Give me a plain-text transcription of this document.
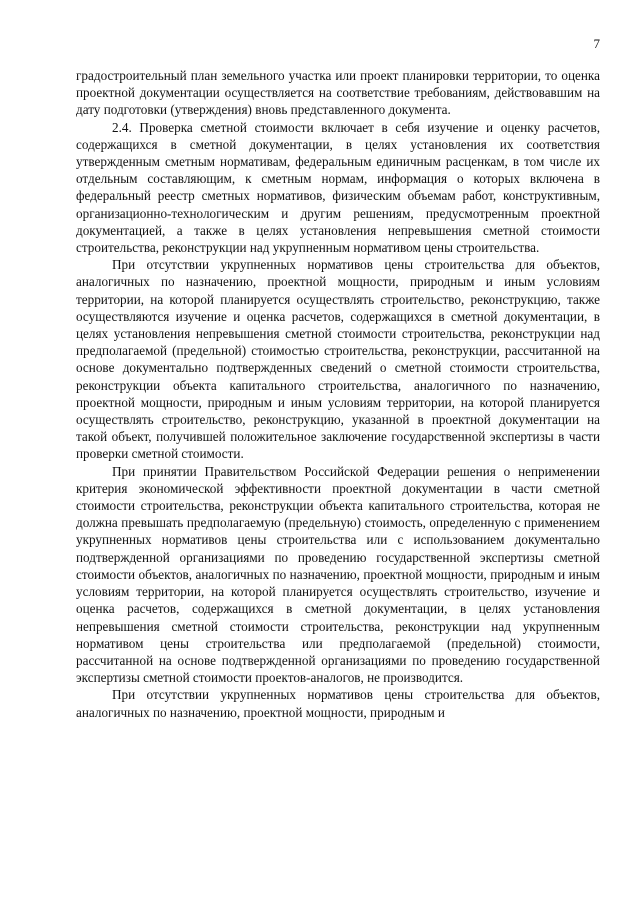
7

градостроительный план земельного участка или проект планировки территории, то оценка проектной документации осуществляется на соответствие требованиям, действовавшим на дату подготовки (утверждения) вновь представленного документа.

2.4. Проверка сметной стоимости включает в себя изучение и оценку расчетов, содержащихся в сметной документации, в целях установления их соответствия утвержденным сметным нормативам, федеральным единичным расценкам, в том числе их отдельным составляющим, к сметным нормам, информация о которых включена в федеральный реестр сметных нормативов, физическим объемам работ, конструктивным, организационно-технологическим и другим решениям, предусмотренным проектной документацией, а также в целях установления непревышения сметной стоимости строительства, реконструкции над укрупненным нормативом цены строительства.

При отсутствии укрупненных нормативов цены строительства для объектов, аналогичных по назначению, проектной мощности, природным и иным условиям территории, на которой планируется осуществлять строительство, реконструкцию, также осуществляются изучение и оценка расчетов, содержащихся в сметной документации, в целях установления непревышения сметной стоимости строительства, реконструкции над предполагаемой (предельной) стоимостью строительства, реконструкции, рассчитанной на основе документально подтвержденных сведений о сметной стоимости строительства, реконструкции объекта капитального строительства, аналогичного по назначению, проектной мощности, природным и иным условиям территории, на которой планируется осуществлять строительство, реконструкцию, указанной в проектной документации на такой объект, получившей положительное заключение государственной экспертизы в части проверки сметной стоимости.

При принятии Правительством Российской Федерации решения о неприменении критерия экономической эффективности проектной документации в части сметной стоимости строительства, реконструкции объекта капитального строительства, которая не должна превышать предполагаемую (предельную) стоимость, определенную с применением укрупненных нормативов цены строительства или с использованием документально подтвержденной организациями по проведению государственной экспертизы сметной стоимости объектов, аналогичных по назначению, проектной мощности, природным и иным условиям территории, на которой планируется осуществлять строительство, изучение и оценка расчетов, содержащихся в сметной документации, в целях установления непревышения сметной стоимости строительства, реконструкции над укрупненным нормативом цены строительства или предполагаемой (предельной) стоимости, рассчитанной на основе подтвержденной организациями по проведению государственной экспертизы сметной стоимости проектов-аналогов, не производится.

При отсутствии укрупненных нормативов цены строительства для объектов, аналогичных по назначению, проектной мощности, природным и
